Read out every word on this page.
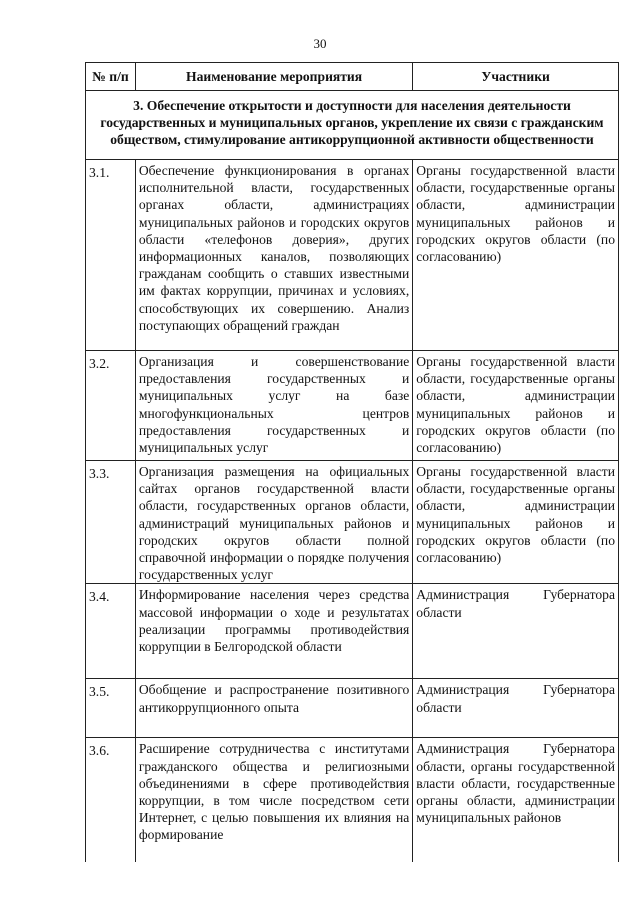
30
№ п/п	Наименование мероприятия	Участники
3. Обеспечение открытости и доступности для населения деятельности государственных и муниципальных органов, укрепление их связи с гражданским обществом, стимулирование антикоррупционной активности общественности		
3.1.	Обеспечение функционирования в органах исполнительной власти, государственных органах области, администрациях муниципальных районов и городских округов области «телефонов доверия», других информационных каналов, позволяющих гражданам сообщить о ставших известными им фактах коррупции, причинах и условиях, способствующих их совершению. Анализ поступающих обращений граждан	Органы государственной власти области, государственные органы области, администрации муниципальных районов и городских округов области (по согласованию)
3.2.	Организация и совершенствование предоставления государственных и муниципальных услуг на базе многофункциональных центров предоставления государственных и муниципальных услуг	Органы государственной власти области, государственные органы области, администрации муниципальных районов и городских округов области (по согласованию)
3.3.	Организация размещения на официальных сайтах органов государственной власти области, государственных органов области, администраций муниципальных районов и городских округов области полной справочной информации о порядке получения государственных услуг	Органы государственной власти области, государственные органы области, администрации муниципальных районов и городских округов области (по согласованию)
3.4.	Информирование населения через средства массовой информации о ходе и результатах реализации программы противодействия коррупции в Белгородской области	Администрация Губернатора области
3.5.	Обобщение и распространение позитивного антикоррупционного опыта	Администрация Губернатора области
3.6.	Расширение сотрудничества с институтами гражданского общества и религиозными объединениями в сфере противодействия коррупции, в том числе посредством сети Интернет, с целью повышения их влияния на формирование	Администрация Губернатора области, органы государственной власти области, государственные органы области, администрации муниципальных районов
